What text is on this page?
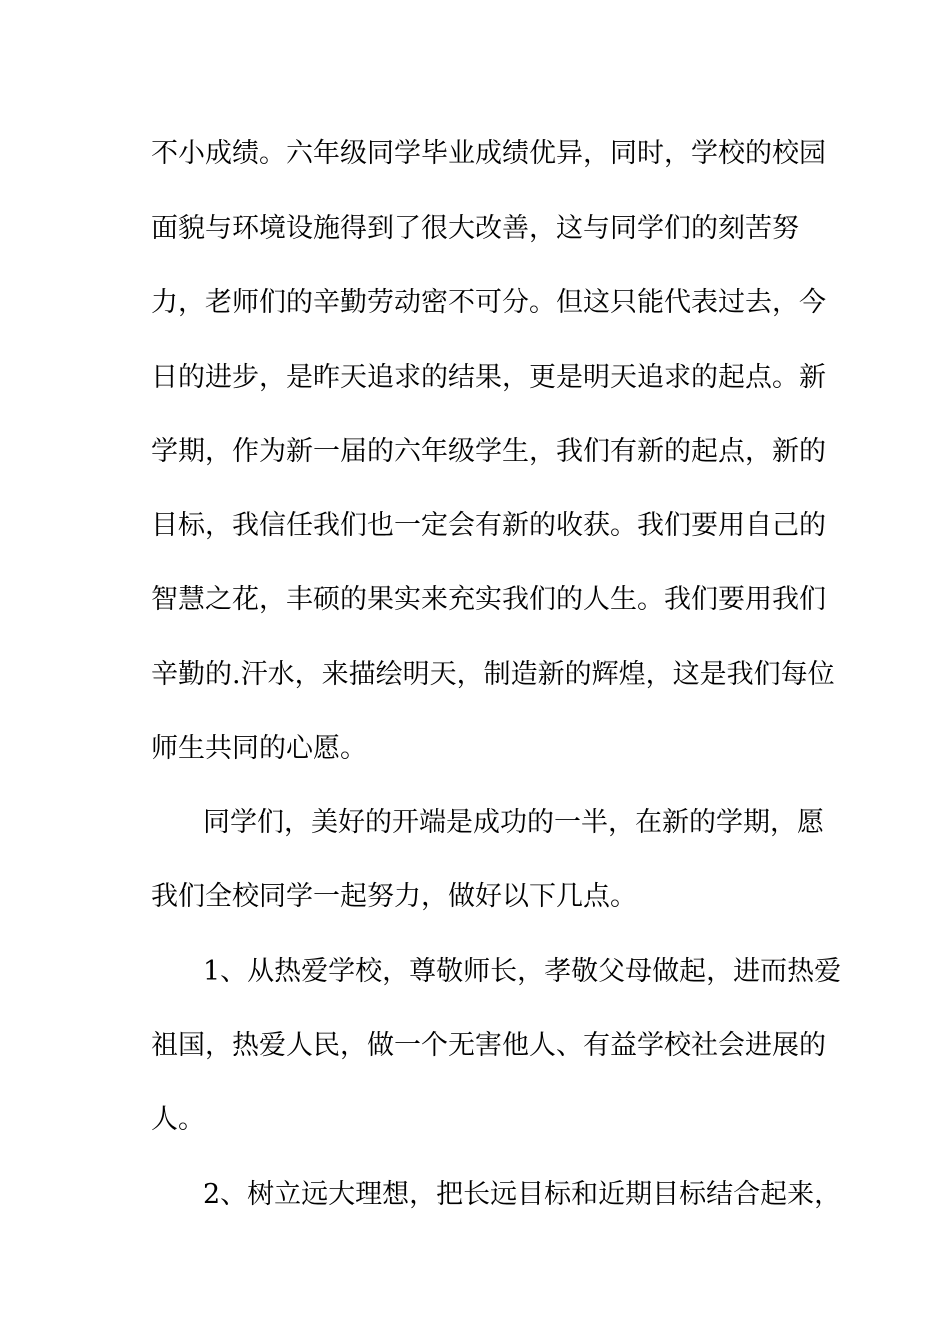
不小成绩。六年级同学毕业成绩优异，同时，学校的校园
面貌与环境设施得到了很大改善，这与同学们的刻苦努
力，老师们的辛勤劳动密不可分。但这只能代表过去，今
日的进步，是昨天追求的结果，更是明天追求的起点。新
学期，作为新一届的六年级学生，我们有新的起点，新的
目标，我信任我们也一定会有新的收获。我们要用自己的
智慧之花，丰硕的果实来充实我们的人生。我们要用我们
辛勤的.汗水，来描绘明天，制造新的辉煌，这是我们每位
师生共同的心愿。
同学们，美好的开端是成功的一半，在新的学期，愿
我们全校同学一起努力，做好以下几点。
1、从热爱学校，尊敬师长，孝敬父母做起，进而热爱
祖国，热爱人民，做一个无害他人、有益学校社会进展的
人。
2、树立远大理想，把长远目标和近期目标结合起来，
